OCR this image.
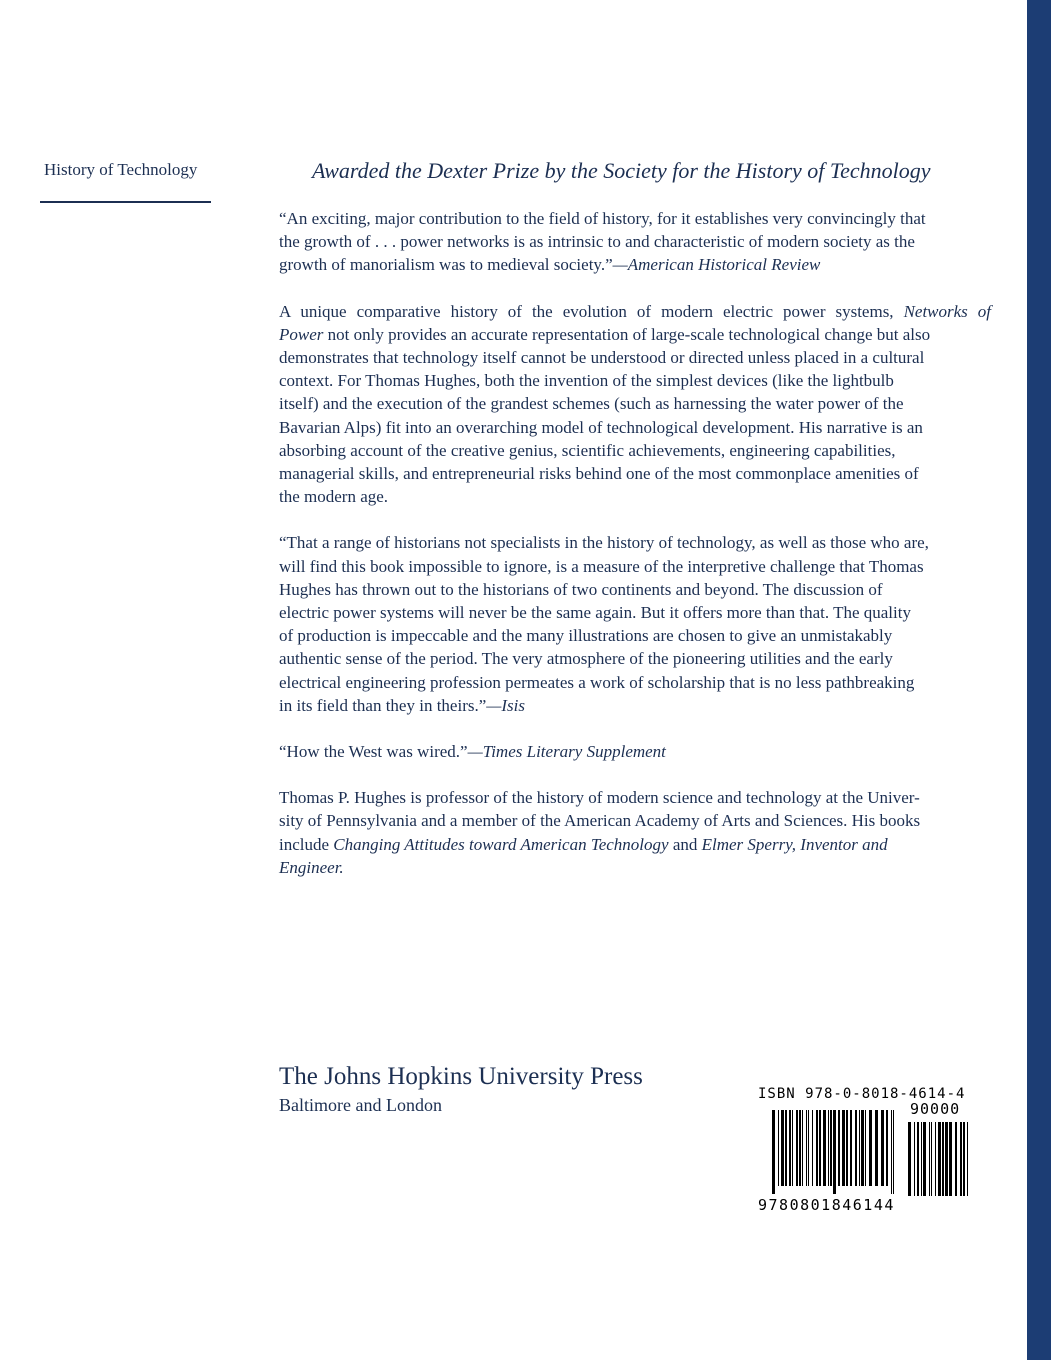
History of Technology	Awarded the Dexter Prize by the Society for the History of Technology

“An exciting, major contribution to the field of history, for it establishes very convincingly that
the growth of . . . power networks is as intrinsic to and characteristic of modern society as the
growth of manorialism was to medieval society.”—American Historical Review

A unique comparative history of the evolution of modern electric power systems, Networks of
Power not only provides an accurate representation of large-scale technological change but also
demonstrates that technology itself cannot be understood or directed unless placed in a cultural
context. For Thomas Hughes, both the invention of the simplest devices (like the lightbulb
itself) and the execution of the grandest schemes (such as harnessing the water power of the
Bavarian Alps) fit into an overarching model of technological development. His narrative is an
absorbing account of the creative genius, scientific achievements, engineering capabilities,
managerial skills, and entrepreneurial risks behind one of the most commonplace amenities of
the modern age.

“That a range of historians not specialists in the history of technology, as well as those who are,
will find this book impossible to ignore, is a measure of the interpretive challenge that Thomas
Hughes has thrown out to the historians of two continents and beyond. The discussion of
electric power systems will never be the same again. But it offers more than that. The quality
of production is impeccable and the many illustrations are chosen to give an unmistakably
authentic sense of the period. The very atmosphere of the pioneering utilities and the early
electrical engineering profession permeates a work of scholarship that is no less pathbreaking
in its field than they in theirs.”—Isis

“How the West was wired.”—Times Literary Supplement

Thomas P. Hughes is professor of the history of modern science and technology at the Univer-
sity of Pennsylvania and a member of the American Academy of Arts and Sciences. His books
include Changing Attitudes toward American Technology and Elmer Sperry, Inventor and
Engineer.

The Johns Hopkins University Press
Baltimore and London
ISBN 978-0-8018-4614-4
90000
9780801846144
